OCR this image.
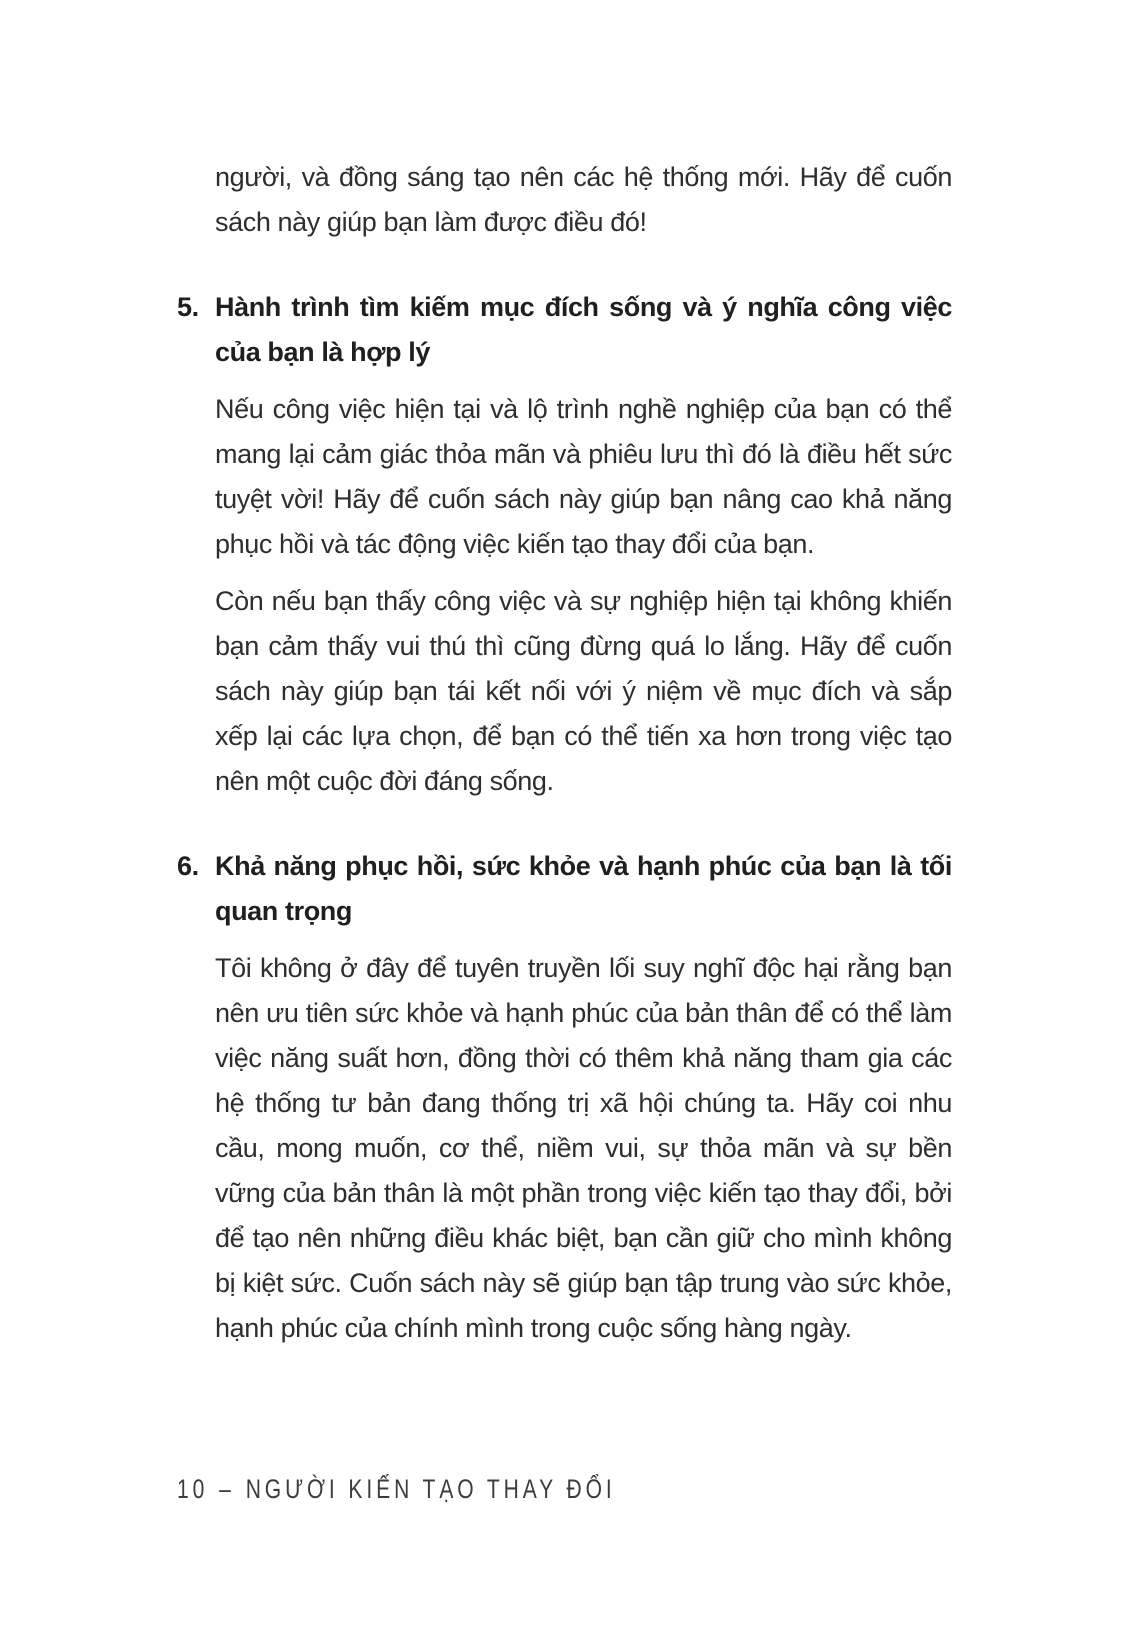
người, và đồng sáng tạo nên các hệ thống mới. Hãy để cuốn sách này giúp bạn làm được điều đó!

5. Hành trình tìm kiếm mục đích sống và ý nghĩa công việc của bạn là hợp lý

Nếu công việc hiện tại và lộ trình nghề nghiệp của bạn có thể mang lại cảm giác thỏa mãn và phiêu lưu thì đó là điều hết sức tuyệt vời! Hãy để cuốn sách này giúp bạn nâng cao khả năng phục hồi và tác động việc kiến tạo thay đổi của bạn.

Còn nếu bạn thấy công việc và sự nghiệp hiện tại không khiến bạn cảm thấy vui thú thì cũng đừng quá lo lắng. Hãy để cuốn sách này giúp bạn tái kết nối với ý niệm về mục đích và sắp xếp lại các lựa chọn, để bạn có thể tiến xa hơn trong việc tạo nên một cuộc đời đáng sống.

6. Khả năng phục hồi, sức khỏe và hạnh phúc của bạn là tối quan trọng

Tôi không ở đây để tuyên truyền lối suy nghĩ độc hại rằng bạn nên ưu tiên sức khỏe và hạnh phúc của bản thân để có thể làm việc năng suất hơn, đồng thời có thêm khả năng tham gia các hệ thống tư bản đang thống trị xã hội chúng ta. Hãy coi nhu cầu, mong muốn, cơ thể, niềm vui, sự thỏa mãn và sự bền vững của bản thân là một phần trong việc kiến tạo thay đổi, bởi để tạo nên những điều khác biệt, bạn cần giữ cho mình không bị kiệt sức. Cuốn sách này sẽ giúp bạn tập trung vào sức khỏe, hạnh phúc của chính mình trong cuộc sống hàng ngày.

10 – NGƯỜI KIẾN TẠO THAY ĐỔI
